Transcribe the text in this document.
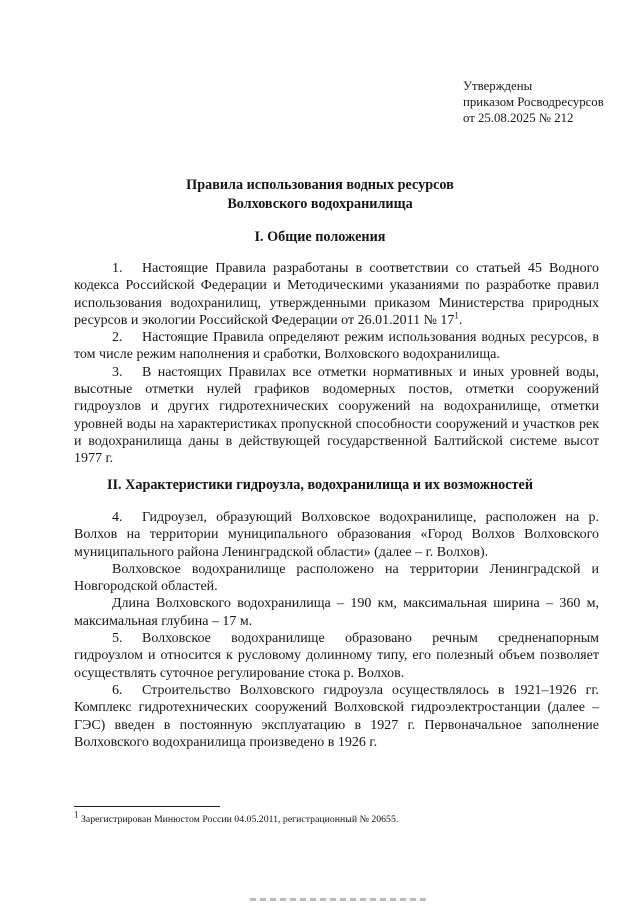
Утверждены
приказом Росводресурсов
от 25.08.2025 № 212
Правила использования водных ресурсов
Волховского водохранилища
I. Общие положения

1. Настоящие Правила разработаны в соответствии со статьей 45 Водного кодекса Российской Федерации и Методическими указаниями по разработке правил использования водохранилищ, утвержденными приказом Министерства природных ресурсов и экологии Российской Федерации от 26.01.2011 № $17^1$.

2. Настоящие Правила определяют режим использования водных ресурсов, в том числе режим наполнения и сработки, Волховского водохранилища.

3. В настоящих Правилах все отметки нормативных и иных уровней воды, высотные отметки нулей графиков водомерных постов, отметки сооружений гидроузлов и других гидротехнических сооружений на водохранилище, отметки уровней воды на характеристиках пропускной способности сооружений и участков рек и водохранилища даны в действующей государственной Балтийской системе высот 1977 г.

II. Характеристики гидроузла, водохранилища и их возможностей

4. Гидроузел, образующий Волховское водохранилище, расположен на р. Волхов на территории муниципального образования «Город Волхов Волховского муниципального района Ленинградской области» (далее – г. Волхов).

Волховское водохранилище расположено на территории Ленинградской и Новгородской областей.

Длина Волховского водохранилища – 190 км, максимальная ширина – 360 м, максимальная глубина – 17 м.

5. Волховское водохранилище образовано речным средненапорным гидроузлом и относится к русловому долинному типу, его полезный объем позволяет осуществлять суточное регулирование стока р. Волхов.

6. Строительство Волховского гидроузла осуществлялось в 1921–1926 гг. Комплекс гидротехнических сооружений Волховской гидроэлектростанции (далее – ГЭС) введен в постоянную эксплуатацию в 1927 г. Первоначальное заполнение Волховского водохранилища произведено в 1926 г.

$^1$ Зарегистрирован Минюстом России 04.05.2011, регистрационный № 20655.
